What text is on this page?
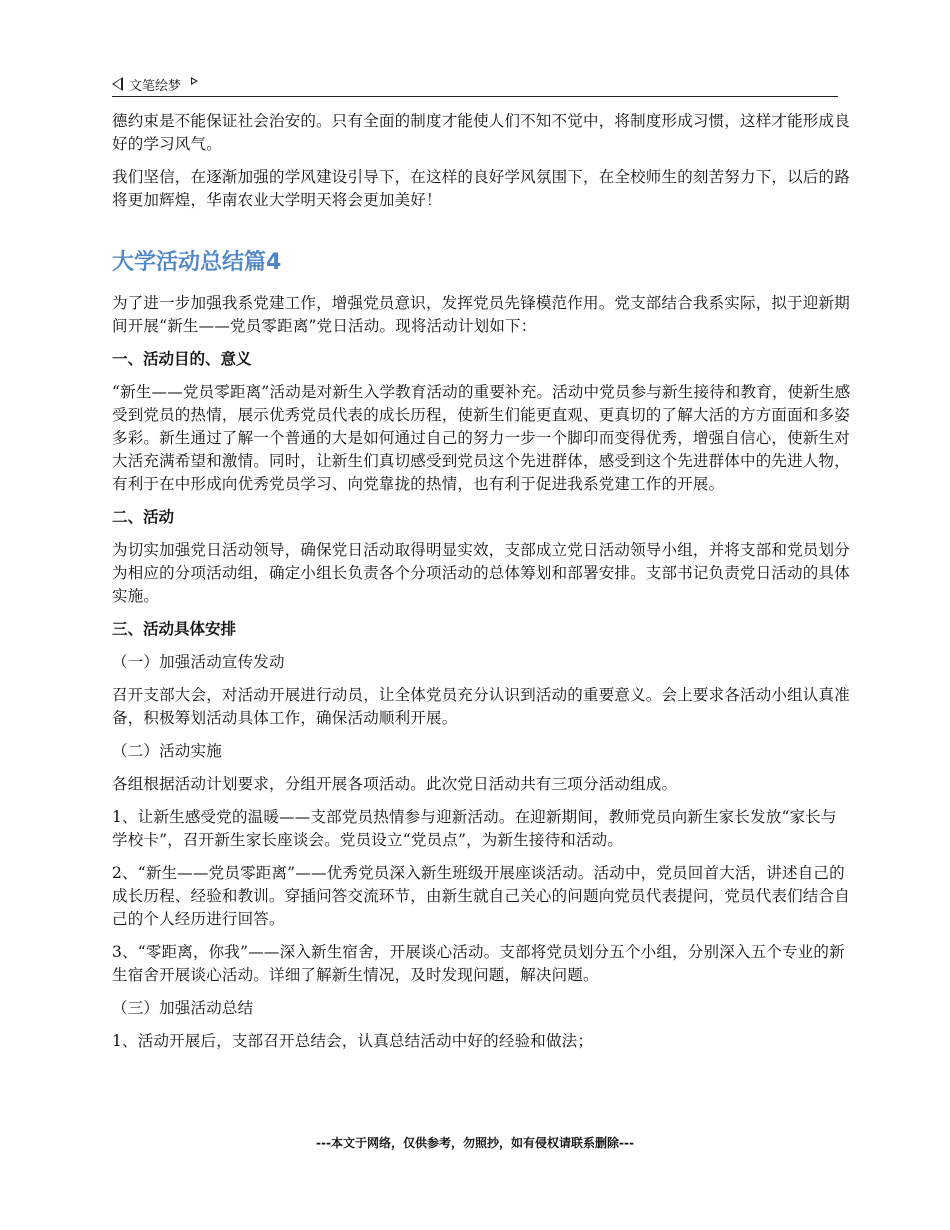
文笔绘梦

德约束是不能保证社会治安的。只有全面的制度才能使人们不知不觉中，将制度形成习惯，这样才能形成良好的学习风气。

我们坚信，在逐渐加强的学风建设引导下，在这样的良好学风氛围下，在全校师生的刻苦努力下，以后的路将更加辉煌，华南农业大学明天将会更加美好！

大学活动总结篇4

为了进一步加强我系党建工作，增强党员意识，发挥党员先锋模范作用。党支部结合我系实际，拟于迎新期间开展“新生——党员零距离”党日活动。现将活动计划如下：

一、活动目的、意义

“新生——党员零距离”活动是对新生入学教育活动的重要补充。活动中党员参与新生接待和教育，使新生感受到党员的热情，展示优秀党员代表的成长历程，使新生们能更直观、更真切的了解大活的方方面面和多姿多彩。新生通过了解一个普通的大是如何通过自己的努力一步一个脚印而变得优秀，增强自信心，使新生对大活充满希望和激情。同时，让新生们真切感受到党员这个先进群体，感受到这个先进群体中的先进人物，有利于在中形成向优秀党员学习、向党靠拢的热情，也有利于促进我系党建工作的开展。

二、活动

为切实加强党日活动领导，确保党日活动取得明显实效，支部成立党日活动领导小组，并将支部和党员划分为相应的分项活动组，确定小组长负责各个分项活动的总体筹划和部署安排。支部书记负责党日活动的具体实施。

三、活动具体安排

（一）加强活动宣传发动

召开支部大会，对活动开展进行动员，让全体党员充分认识到活动的重要意义。会上要求各活动小组认真准备，积极筹划活动具体工作，确保活动顺利开展。

（二）活动实施

各组根据活动计划要求，分组开展各项活动。此次党日活动共有三项分活动组成。

1、让新生感受党的温暖——支部党员热情参与迎新活动。在迎新期间，教师党员向新生家长发放“家长与学校卡”，召开新生家长座谈会。党员设立“党员点”，为新生接待和活动。

2、“新生——党员零距离”——优秀党员深入新生班级开展座谈活动。活动中，党员回首大活，讲述自己的成长历程、经验和教训。穿插问答交流环节，由新生就自己关心的问题向党员代表提问，党员代表们结合自己的个人经历进行回答。

3、“零距离，你我”——深入新生宿舍，开展谈心活动。支部将党员划分五个小组，分别深入五个专业的新生宿舍开展谈心活动。详细了解新生情况，及时发现问题，解决问题。

（三）加强活动总结

1、活动开展后，支部召开总结会，认真总结活动中好的经验和做法；

---本文于网络，仅供参考，勿照抄，如有侵权请联系删除---
